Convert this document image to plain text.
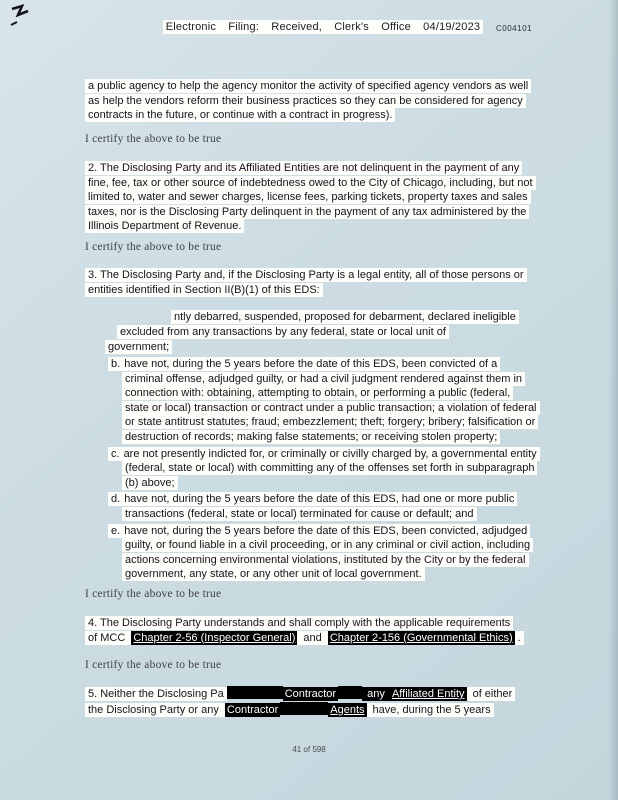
Electronic Filing: Received, Clerk's Office 04/19/2023	C004101
a public agency to help the agency monitor the activity of specified agency vendors as well as help the vendors reform their business practices so they can be considered for agency contracts in the future, or continue with a contract in progress).
I certify the above to be true
2. The Disclosing Party and its Affiliated Entities are not delinquent in the payment of any fine, fee, tax or other source of indebtedness owed to the City of Chicago, including, but not limited to, water and sewer charges, license fees, parking tickets, property taxes and sales taxes, nor is the Disclosing Party delinquent in the payment of any tax administered by the Illinois Department of Revenue.
I certify the above to be true
3. The Disclosing Party and, if the Disclosing Party is a legal entity, all of those persons or entities identified in Section II(B)(1) of this EDS:
ntly debarred, suspended, proposed for debarment, declared ineligible
excluded from any transactions by any federal, state or local unit of
government;
b. have not, during the 5 years before the date of this EDS, been convicted of a criminal offense, adjudged guilty, or had a civil judgment rendered against them in connection with: obtaining, attempting to obtain, or performing a public (federal, state or local) transaction or contract under a public transaction; a violation of federal or state antitrust statutes; fraud; embezzlement; theft; forgery; bribery; falsification or destruction of records; making false statements; or receiving stolen property;
c. are not presently indicted for, or criminally or civilly charged by, a governmental entity (federal, state or local) with committing any of the offenses set forth in subparagraph (b) above;
d. have not, during the 5 years before the date of this EDS, had one or more public transactions (federal, state or local) terminated for cause or default; and
e. have not, during the 5 years before the date of this EDS, been convicted, adjudged guilty, or found liable in a civil proceeding, or in any criminal or civil action, including actions concerning environmental violations, instituted by the City or by the federal government, any state, or any other unit of local government.
I certify the above to be true
4. The Disclosing Party understands and shall comply with the applicable requirements
of MCC Chapter 2-56 (Inspector General) and Chapter 2-156 (Governmental Ethics) .
I certify the above to be true
5. Neither the Disclosing Pa	Contractor	any Affiliated Entity of either
the Disclosing Party or any Contractor	Agents have, during the 5 years
41 of 598
